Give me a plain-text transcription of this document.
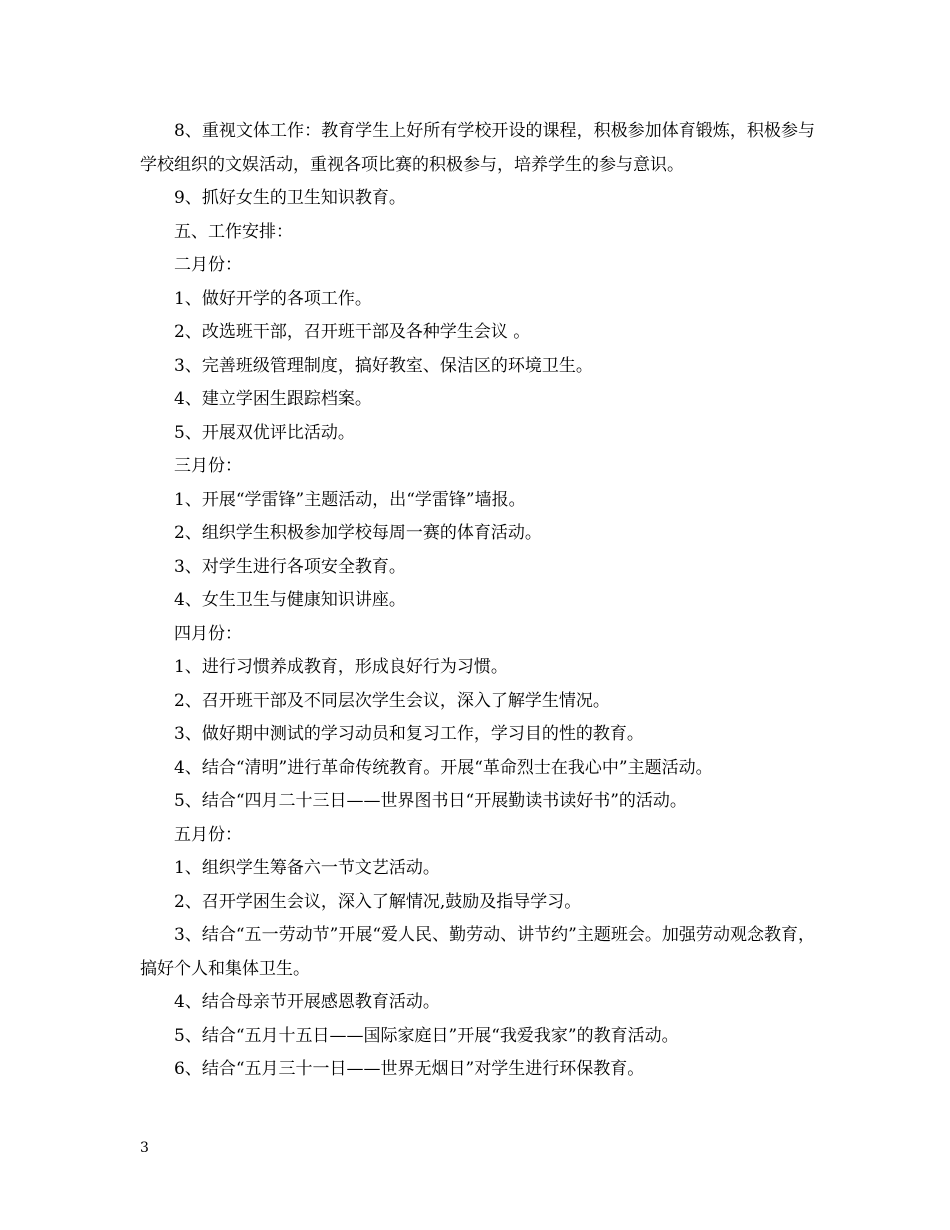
8、重视文体工作：教育学生上好所有学校开设的课程，积极参加体育锻炼，积极参与学校组织的文娱活动，重视各项比赛的积极参与，培养学生的参与意识。

9、抓好女生的卫生知识教育。

五、工作安排：

二月份：

1、做好开学的各项工作。

2、改选班干部，召开班干部及各种学生会议 。

3、完善班级管理制度，搞好教室、保洁区的环境卫生。

4、建立学困生跟踪档案。

5、开展双优评比活动。

三月份：

1、开展“学雷锋”主题活动，出“学雷锋”墙报。

2、组织学生积极参加学校每周一赛的体育活动。

3、对学生进行各项安全教育。

4、女生卫生与健康知识讲座。

四月份：

1、进行习惯养成教育，形成良好行为习惯。

2、召开班干部及不同层次学生会议，深入了解学生情况。

3、做好期中测试的学习动员和复习工作，学习目的性的教育。

4、结合“清明”进行革命传统教育。开展“革命烈士在我心中”主题活动。

5、结合“四月二十三日——世界图书日“开展勤读书读好书”的活动。

五月份：

1、组织学生筹备六一节文艺活动。

2、召开学困生会议，深入了解情况,鼓励及指导学习。

3、结合“五一劳动节”开展“爱人民、勤劳动、讲节约”主题班会。加强劳动观念教育，搞好个人和集体卫生。

4、结合母亲节开展感恩教育活动。

5、结合“五月十五日——国际家庭日”开展“我爱我家”的教育活动。

6、结合“五月三十一日——世界无烟日”对学生进行环保教育。

3
